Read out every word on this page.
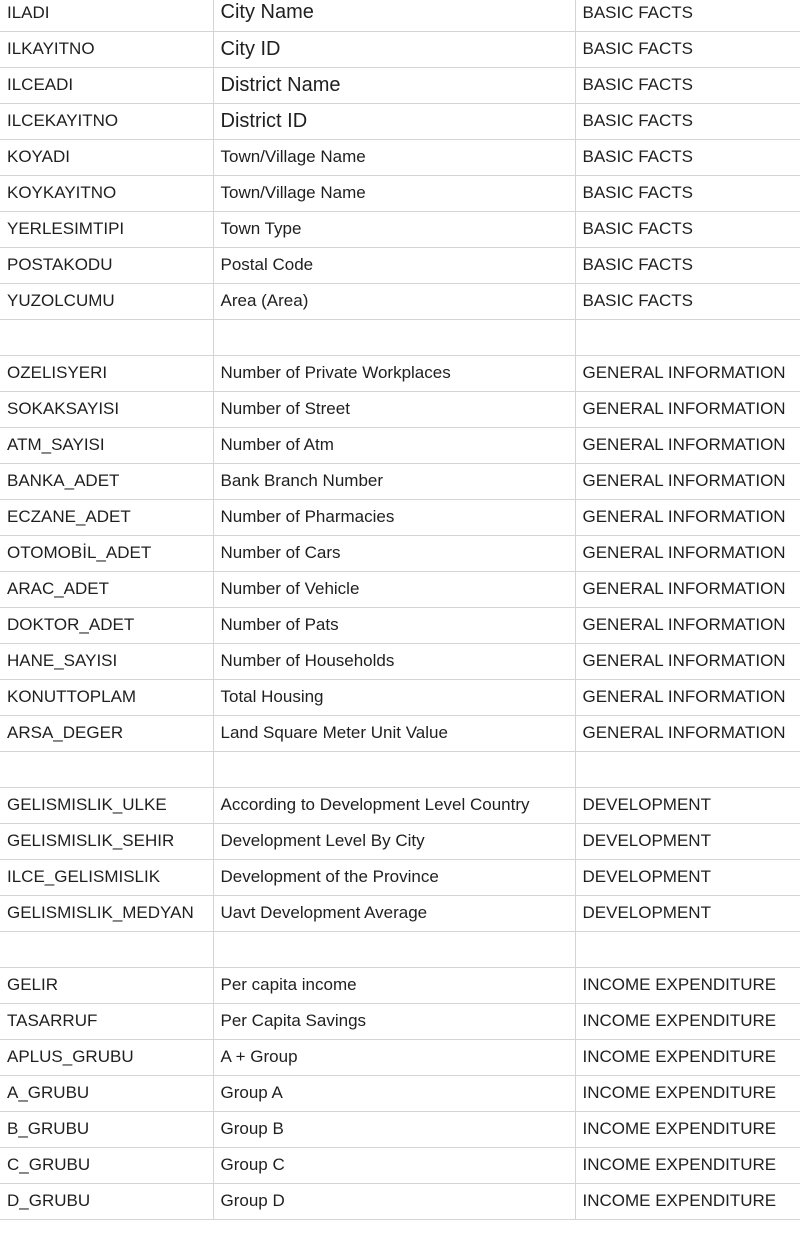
ILADI	City Name	BASIC FACTS
ILKAYITNO	City ID	BASIC FACTS
ILCEADI	District Name	BASIC FACTS
ILCEKAYITNO	District ID	BASIC FACTS
KOYADI	Town/Village Name	BASIC FACTS
KOYKAYITNO	Town/Village Name	BASIC FACTS
YERLESIMTIPI	Town Type	BASIC FACTS
POSTAKODU	Postal Code	BASIC FACTS
YUZOLCUMU	Area (Area)	BASIC FACTS

OZELISYERI	Number of Private Workplaces	GENERAL INFORMATION
SOKAKSAYISI	Number of Street	GENERAL INFORMATION
ATM_SAYISI	Number of Atm	GENERAL INFORMATION
BANKA_ADET	Bank Branch Number	GENERAL INFORMATION
ECZANE_ADET	Number of Pharmacies	GENERAL INFORMATION
OTOMOBİL_ADET	Number of Cars	GENERAL INFORMATION
ARAC_ADET	Number of Vehicle	GENERAL INFORMATION
DOKTOR_ADET	Number of Pats	GENERAL INFORMATION
HANE_SAYISI	Number of Households	GENERAL INFORMATION
KONUTTOPLAM	Total Housing	GENERAL INFORMATION
ARSA_DEGER	Land Square Meter Unit Value	GENERAL INFORMATION

GELISMISLIK_ULKE	According to Development Level Country	DEVELOPMENT
GELISMISLIK_SEHIR	Development Level By City	DEVELOPMENT
ILCE_GELISMISLIK	Development of the Province	DEVELOPMENT
GELISMISLIK_MEDYAN	Uavt Development Average	DEVELOPMENT

GELIR	Per capita income	INCOME EXPENDITURE
TASARRUF	Per Capita Savings	INCOME EXPENDITURE
APLUS_GRUBU	A + Group	INCOME EXPENDITURE
A_GRUBU	Group A	INCOME EXPENDITURE
B_GRUBU	Group B	INCOME EXPENDITURE
C_GRUBU	Group C	INCOME EXPENDITURE
D_GRUBU	Group D	INCOME EXPENDITURE
